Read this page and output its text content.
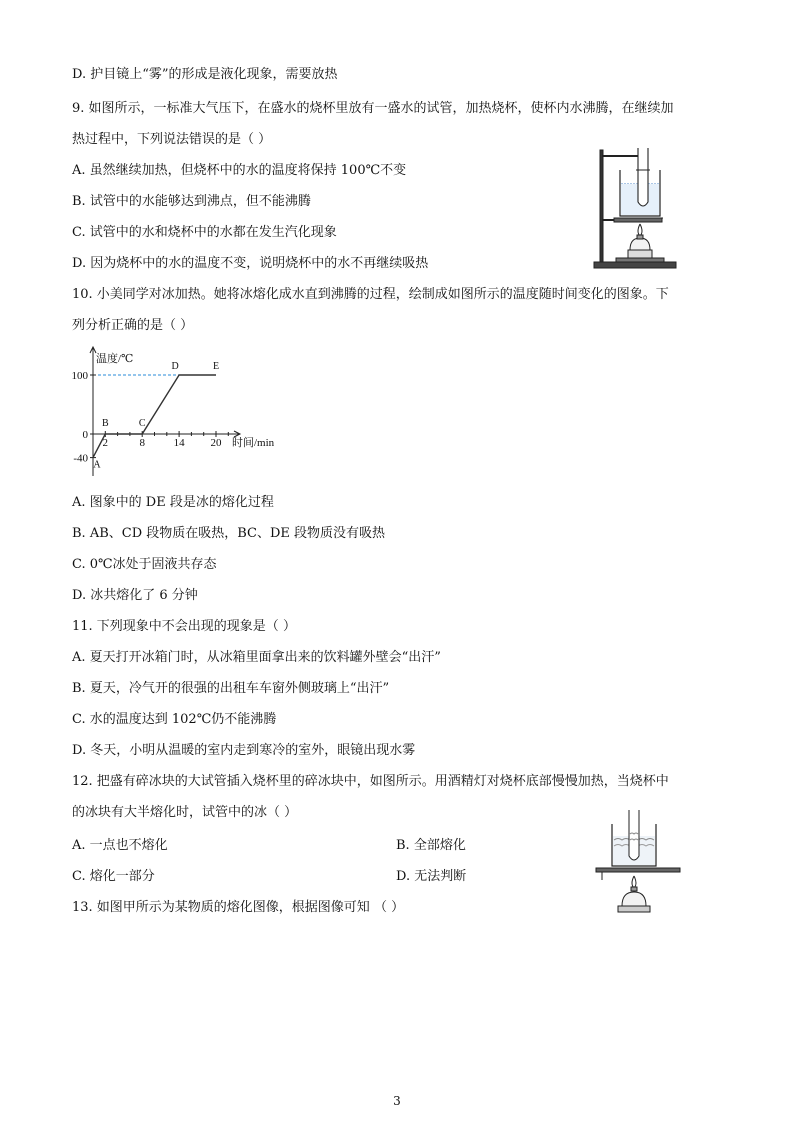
D. 护目镜上“雾”的形成是液化现象，需要放热
9. 如图所示，一标准大气压下，在盛水的烧杯里放有一盛水的试管，加热烧杯，使杯内水沸腾，在继续加
热过程中，下列说法错误的是（ ）
A. 虽然继续加热，但烧杯中的水的温度将保持 100℃不变
B. 试管中的水能够达到沸点，但不能沸腾
C. 试管中的水和烧杯中的水都在发生汽化现象
D. 因为烧杯中的水的温度不变，说明烧杯中的水不再继续吸热
10. 小美同学对冰加热。她将冰熔化成水直到沸腾的过程，绘制成如图所示的温度随时间变化的图象。下
列分析正确的是（ ）
温度/℃
时间/min
2	8	14 20
100
0
-40
A
B	C
D	E
A. 图象中的 DE 段是冰的熔化过程
B. AB、CD 段物质在吸热，BC、DE 段物质没有吸热
C. 0℃冰处于固液共存态
D. 冰共熔化了 6 分钟
11. 下列现象中不会出现的现象是（ ）
A. 夏天打开冰箱门时，从冰箱里面拿出来的饮料罐外壁会“出汗”
B. 夏天，冷气开的很强的出租车车窗外侧玻璃上“出汗”
C. 水的温度达到 102℃仍不能沸腾
D. 冬天，小明从温暖的室内走到寒冷的室外，眼镜出现水雾
12. 把盛有碎冰块的大试管插入烧杯里的碎冰块中，如图所示。用酒精灯对烧杯底部慢慢加热，当烧杯中
的冰块有大半熔化时，试管中的冰（ ）
A. 一点也不熔化	B. 全部熔化
C. 熔化一部分	D. 无法判断
13. 如图甲所示为某物质的熔化图像，根据图像可知 （ ）
3
